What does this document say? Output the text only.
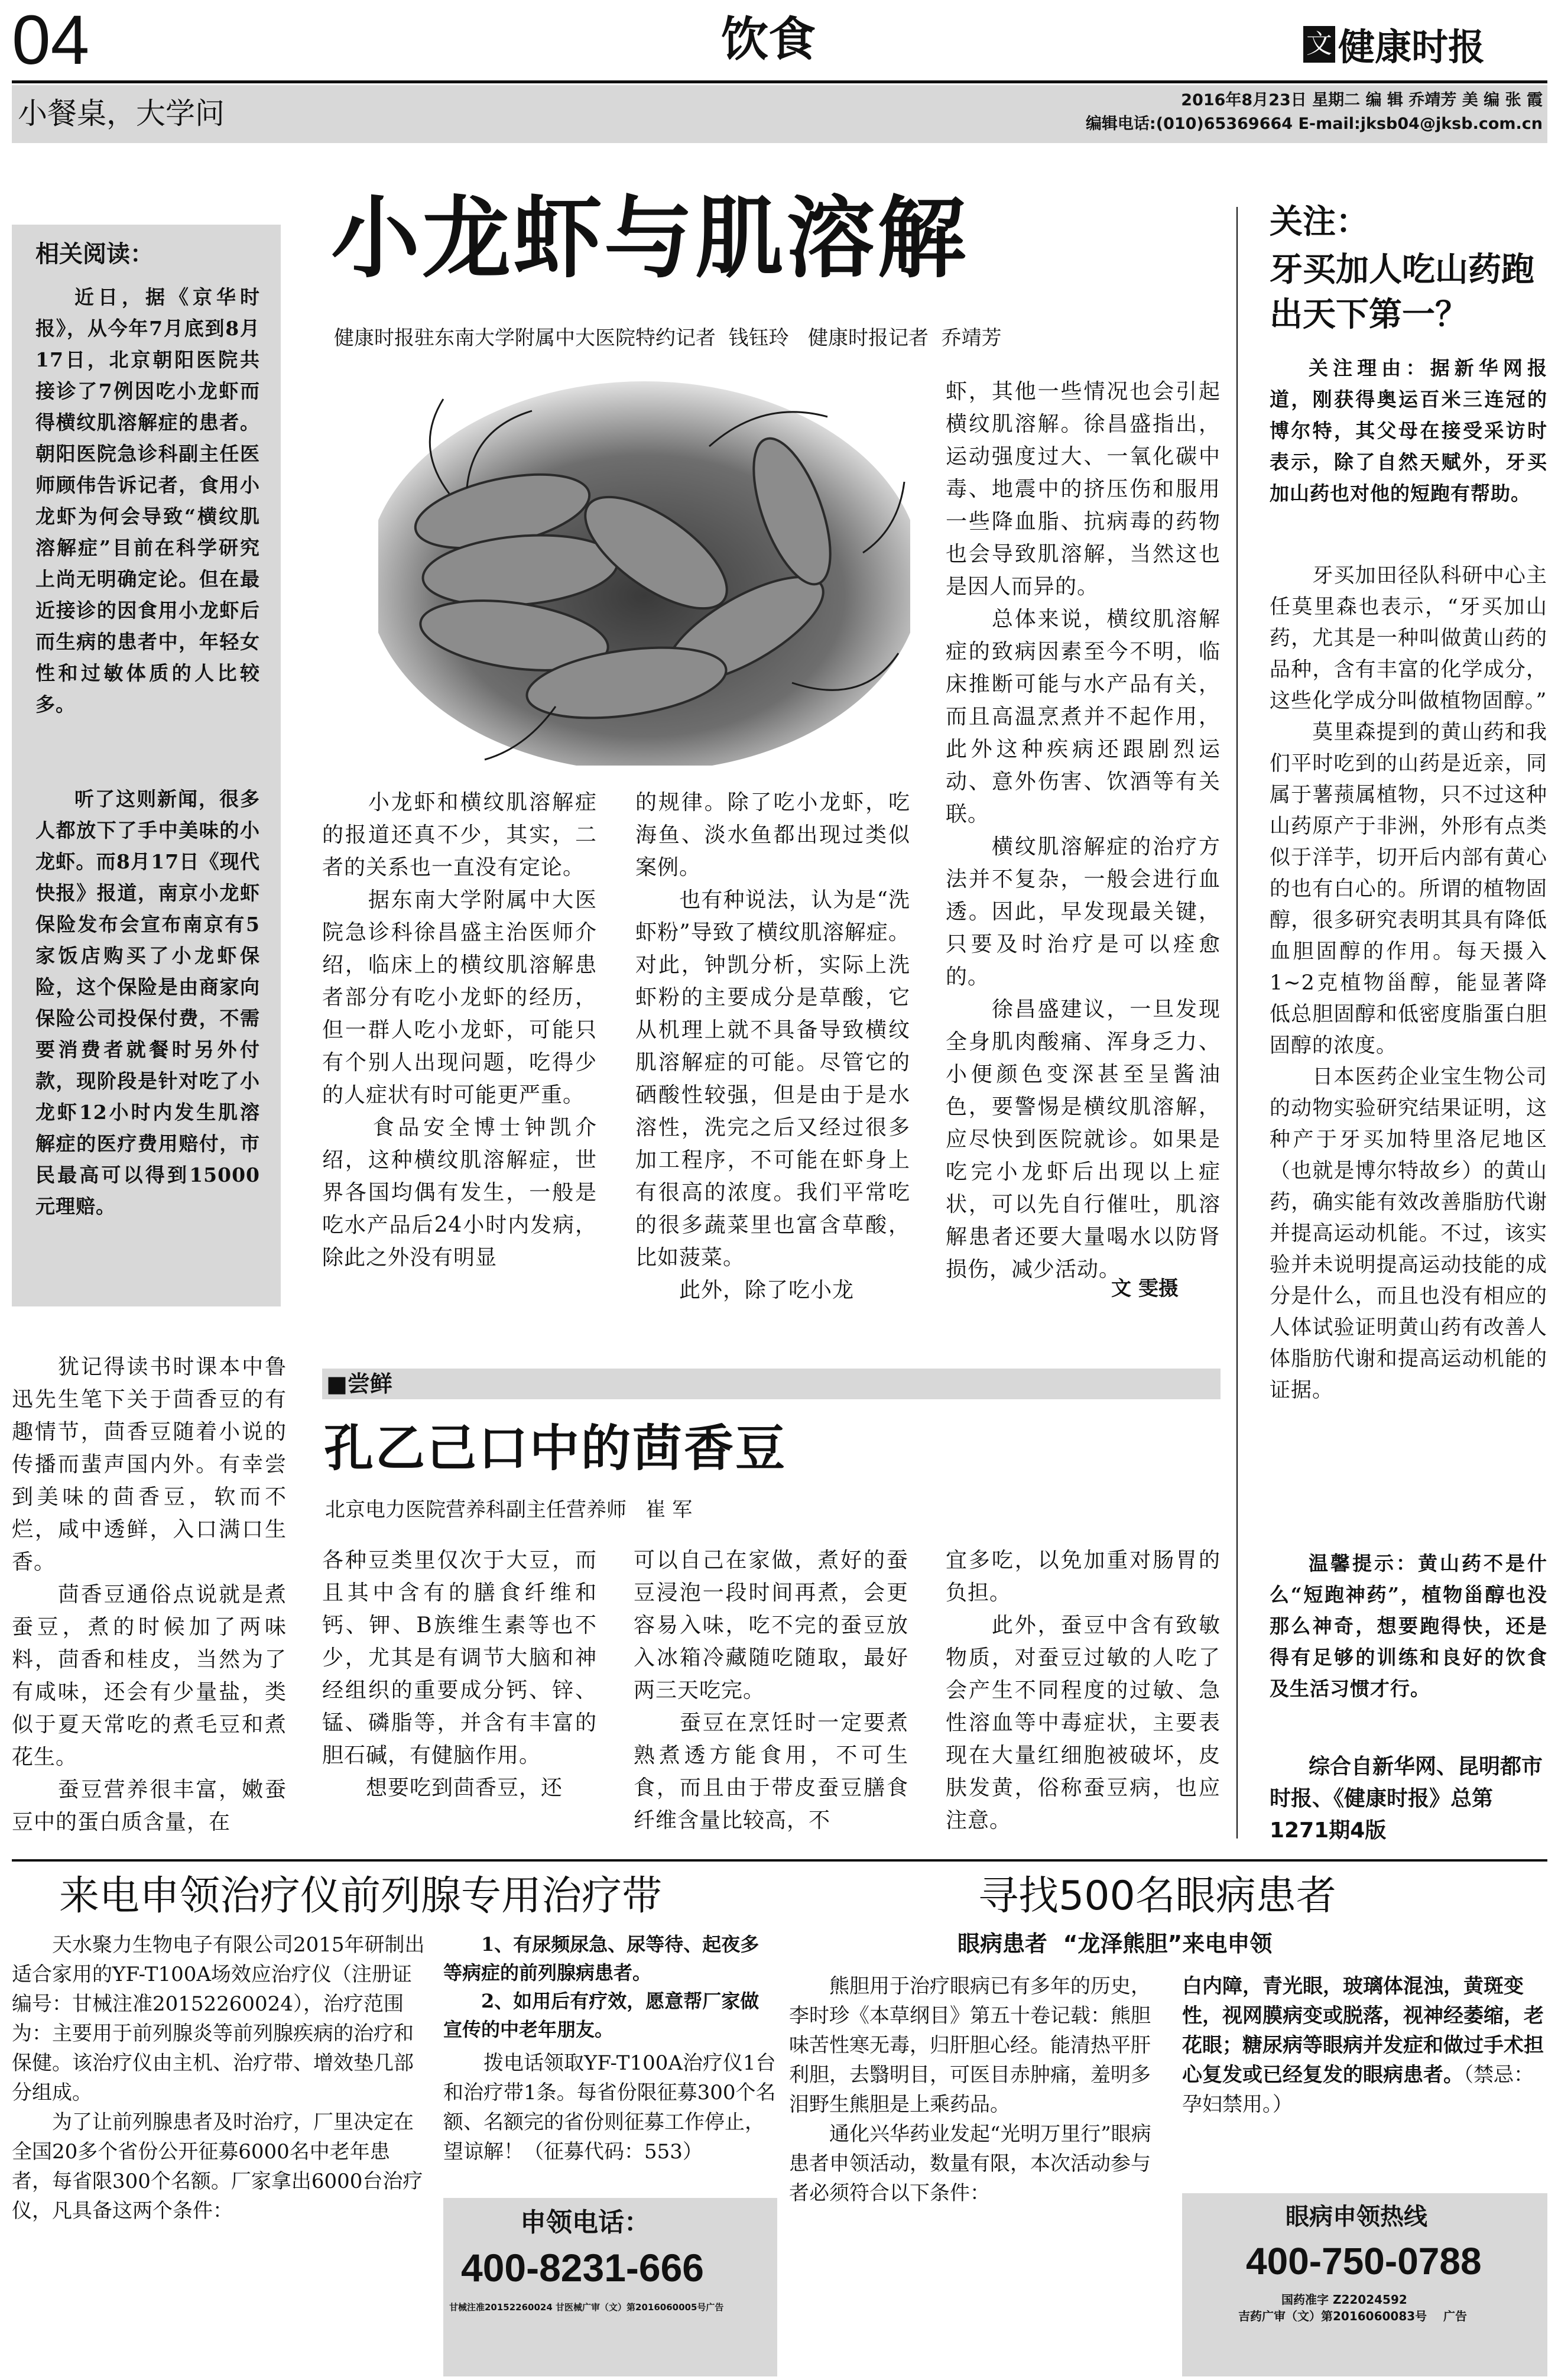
04	饮食	文 健康时报
小餐桌，大学问	2016年8月23日 星期二 编 辑 乔靖芳 美 编 张 霞
编辑电话:(010)65369664 E-mail:jksb04@jksb.com.cn
相关阅读：
近日，据《京华时报》，从今年7月底到8月17日，北京朝阳医院共接诊了7例因吃小龙虾而得横纹肌溶解症的患者。朝阳医院急诊科副主任医师顾伟告诉记者，食用小龙虾为何会导致“横纹肌溶解症”目前在科学研究上尚无明确定论。但在最近接诊的因食用小龙虾后而生病的患者中，年轻女性和过敏体质的人比较多。
听了这则新闻，很多人都放下了手中美味的小龙虾。而8月17日《现代快报》报道，南京小龙虾保险发布会宣布南京有5家饭店购买了小龙虾保险，这个保险是由商家向保险公司投保付费，不需要消费者就餐时另外付款，现阶段是针对吃了小龙虾12小时内发生肌溶解症的医疗费用赔付，市民最高可以得到15000元理赔。
小龙虾与肌溶解
健康时报驻东南大学附属中大医院特约记者  钱钰玲   健康时报记者  乔靖芳
　　小龙虾和横纹肌溶解症的报道还真不少，其实，二者的关系也一直没有定论。
　　据东南大学附属中大医院急诊科徐昌盛主治医师介绍，临床上的横纹肌溶解患者部分有吃小龙虾的经历，但一群人吃小龙虾，可能只有个别人出现问题，吃得少的人症状有时可能更严重。
　　食品安全博士钟凯介绍，这种横纹肌溶解症，世界各国均偶有发生，一般是吃水产品后24小时内发病，除此之外没有明显
的规律。除了吃小龙虾，吃海鱼、淡水鱼都出现过类似案例。
　　也有种说法，认为是“洗虾粉”导致了横纹肌溶解症。对此，钟凯分析，实际上洗虾粉的主要成分是草酸，它从机理上就不具备导致横纹肌溶解症的可能。尽管它的硒酸性较强，但是由于是水溶性，洗完之后又经过很多加工程序，不可能在虾身上有很高的浓度。我们平常吃的很多蔬菜里也富含草酸，比如菠菜。
　　此外，除了吃小龙
虾，其他一些情况也会引起横纹肌溶解。徐昌盛指出，运动强度过大、一氧化碳中毒、地震中的挤压伤和服用一些降血脂、抗病毒的药物也会导致肌溶解，当然这也是因人而异的。
　　总体来说，横纹肌溶解症的致病因素至今不明，临床推断可能与水产品有关，而且高温烹煮并不起作用，此外这种疾病还跟剧烈运动、意外伤害、饮酒等有关联。
　　横纹肌溶解症的治疗方法并不复杂，一般会进行血透。因此，早发现最关键，只要及时治疗是可以痊愈的。
　　徐昌盛建议，一旦发现全身肌肉酸痛、浑身乏力、小便颜色变深甚至呈酱油色，要警惕是横纹肌溶解，应尽快到医院就诊。如果是吃完小龙虾后出现以上症状，可以先自行催吐，肌溶解患者还要大量喝水以防肾损伤，减少活动。
文 雯摄
关注：
牙买加人吃山药跑出天下第一？
关注理由：据新华网报道，刚获得奥运百米三连冠的博尔特，其父母在接受采访时表示，除了自然天赋外，牙买加山药也对他的短跑有帮助。
　　牙买加田径队科研中心主任莫里森也表示，“牙买加山药，尤其是一种叫做黄山药的品种，含有丰富的化学成分，这些化学成分叫做植物固醇。”
　　莫里森提到的黄山药和我们平时吃到的山药是近亲，同属于薯蓣属植物，只不过这种山药原产于非洲，外形有点类似于洋芋，切开后内部有黄心的也有白心的。所谓的植物固醇，很多研究表明其具有降低血胆固醇的作用。每天摄入1~2克植物甾醇，能显著降低总胆固醇和低密度脂蛋白胆固醇的浓度。
　　日本医药企业宝生物公司的动物实验研究结果证明，这种产于牙买加特里洛尼地区（也就是博尔特故乡）的黄山药，确实能有效改善脂肪代谢并提高运动机能。不过，该实验并未说明提高运动技能的成分是什么，而且也没有相应的人体试验证明黄山药有改善人体脂肪代谢和提高运动机能的证据。
温馨提示：黄山药不是什么“短跑神药”，植物甾醇也没那么神奇，想要跑得快，还是得有足够的训练和良好的饮食及生活习惯才行。
综合自新华网、昆明都市时报、《健康时报》总第1271期4版
　　犹记得读书时课本中鲁迅先生笔下关于茴香豆的有趣情节，茴香豆随着小说的传播而蜚声国内外。有幸尝到美味的茴香豆，软而不烂，咸中透鲜，入口满口生香。
　　茴香豆通俗点说就是煮蚕豆，煮的时候加了两味料，茴香和桂皮，当然为了有咸味，还会有少量盐，类似于夏天常吃的煮毛豆和煮花生。
　　蚕豆营养很丰富，嫩蚕豆中的蛋白质含量，在
■尝鲜
孔乙己口中的茴香豆
北京电力医院营养科副主任营养师   崔 军
各种豆类里仅次于大豆，而且其中含有的膳食纤维和钙、钾、B族维生素等也不少，尤其是有调节大脑和神经组织的重要成分钙、锌、锰、磷脂等，并含有丰富的胆石碱，有健脑作用。
　　想要吃到茴香豆，还
可以自己在家做，煮好的蚕豆浸泡一段时间再煮，会更容易入味，吃不完的蚕豆放入冰箱冷藏随吃随取，最好两三天吃完。
　　蚕豆在烹饪时一定要煮熟煮透方能食用，不可生食，而且由于带皮蚕豆膳食纤维含量比较高，不
宜多吃，以免加重对肠胃的负担。
　　此外，蚕豆中含有致敏物质，对蚕豆过敏的人吃了会产生不同程度的过敏、急性溶血等中毒症状，主要表现在大量红细胞被破坏，皮肤发黄，俗称蚕豆病，也应注意。
来电申领治疗仪前列腺专用治疗带
　　天水聚力生物电子有限公司2015年研制出适合家用的YF-T100A场效应治疗仪（注册证编号：甘械注准20152260024），治疗范围为：主要用于前列腺炎等前列腺疾病的治疗和保健。该治疗仪由主机、治疗带、增效垫几部分组成。
　　为了让前列腺患者及时治疗，厂里决定在全国20多个省份公开征募6000名中老年患者，每省限300个名额。厂家拿出6000台治疗仪，凡具备这两个条件：
　　1、有尿频尿急、尿等待、起夜多等病症的前列腺病患者。
　　2、如用后有疗效，愿意帮厂家做宣传的中老年朋友。
　　拨电话领取YF-T100A治疗仪1台和治疗带1条。每省份限征募300个名额、名额完的省份则征募工作停止，望谅解！（征募代码：553）
申领电话：
400-8231-666
甘械注准20152260024 甘医械广审（文）第2016060005号广告
寻找500名眼病患者
眼病患者  “龙泽熊胆”来电申领
　　熊胆用于治疗眼病已有多年的历史，李时珍《本草纲目》第五十卷记载：熊胆味苦性寒无毒，归肝胆心经。能清热平肝利胆，去翳明目，可医目赤肿痛，羞明多泪野生熊胆是上乘药品。
　　通化兴华药业发起“光明万里行”眼病患者申领活动，数量有限，本次活动参与者必须符合以下条件：
白内障，青光眼，玻璃体混浊，黄斑变性，视网膜病变或脱落，视神经萎缩，老花眼；糖尿病等眼病并发症和做过手术担心复发或已经复发的眼病患者。（禁忌：孕妇禁用。）
眼病申领热线
400-750-0788
国药准字 Z22024592
吉药广审（文）第2016060083号    广告
